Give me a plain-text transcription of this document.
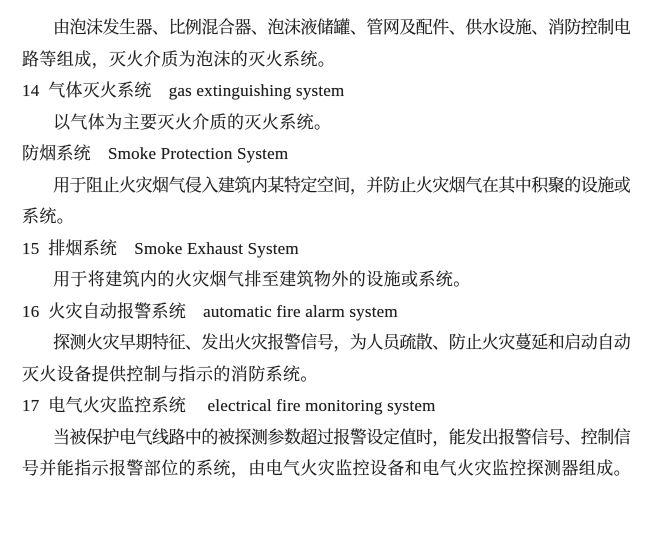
由泡沫发生器、比例混合器、泡沫液储罐、管网及配件、供水设施、消防控制电
路等组成，灭火介质为泡沫的灭火系统。
14  气体灭火系统　gas extinguishing system
以气体为主要灭火介质的灭火系统。
防烟系统　Smoke Protection System
用于阻止火灾烟气侵入建筑内某特定空间，并防止火灾烟气在其中积聚的设施或
系统。
15  排烟系统　Smoke Exhaust System
用于将建筑内的火灾烟气排至建筑物外的设施或系统。
16  火灾自动报警系统　automatic fire alarm system
探测火灾早期特征、发出火灾报警信号，为人员疏散、防止火灾蔓延和启动自动
灭火设备提供控制与指示的消防系统。
17  电气火灾监控系统　 electrical fire monitoring system
当被保护电气线路中的被探测参数超过报警设定值时，能发出报警信号、控制信
号并能指示报警部位的系统，由电气火灾监控设备和电气火灾监控探测器组成。
